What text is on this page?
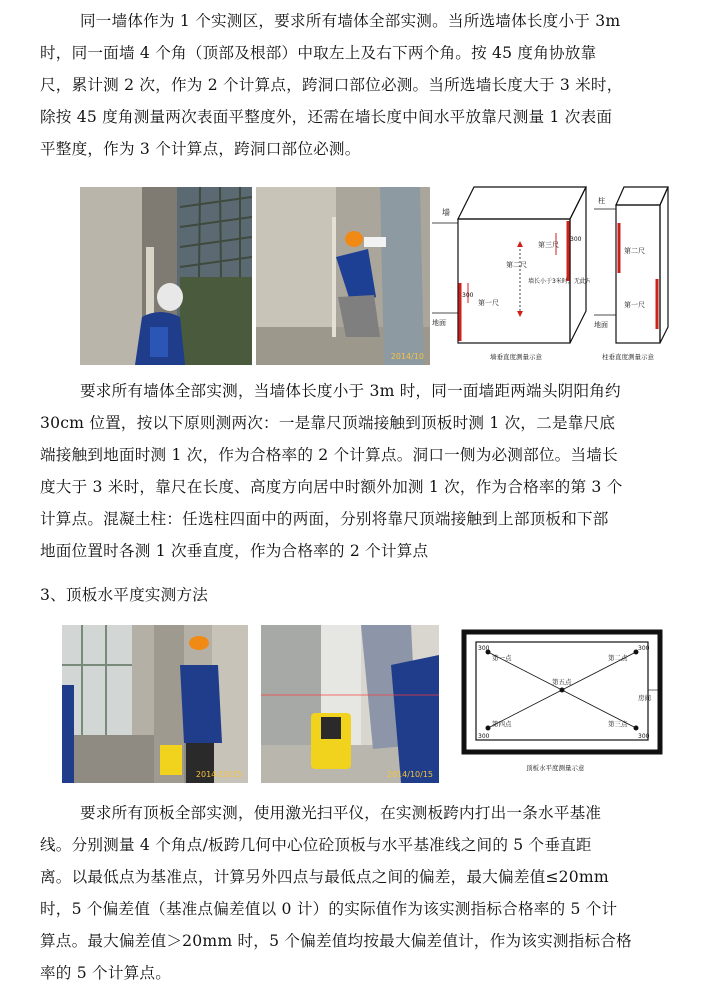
同一墙体作为 1 个实测区，要求所有墙体全部实测。当所选墙体长度小于 3m
时，同一面墙 4 个角（顶部及根部）中取左上及右下两个角。按 45 度角协放靠
尺，累计测 2 次，作为 2 个计算点，跨洞口部位必测。当所选墙长度大于 3 米时，
除按 45 度角测量两次表面平整度外，还需在墙长度中间水平放靠尺测量 1 次表面
平整度，作为 3 个计算点，跨洞口部位必测。
2014/10
墙长小于3米时，无此尺
墙
地面
第一尺
第二尺
第三尺
300
300
墙垂直度测量示意
柱
地面
第二尺
第一尺
柱垂直度测量示意
要求所有墙体全部实测，当墙体长度小于 3m 时，同一面墙距两端头阴阳角约
30cm 位置，按以下原则测两次：一是靠尺顶端接触到顶板时测 1 次，二是靠尺底
端接触到地面时测 1 次，作为合格率的 2 个计算点。洞口一侧为必测部位。当墙长
度大于 3 米时，靠尺在长度、高度方向居中时额外加测 1 次，作为合格率的第 3 个
计算点。混凝土柱：任选柱四面中的两面，分别将靠尺顶端接触到上部顶板和下部
地面位置时各测 1 次垂直度，作为合格率的 2 个计算点
3、顶板水平度实测方法
2014/10/15	2014/10/15
第一点	第二点
第三点
第四点
第五点
300	300
300	300
房间
顶板水平度测量示意
要求所有顶板全部实测，使用激光扫平仪，在实测板跨内打出一条水平基准
线。分别测量 4 个角点/板跨几何中心位砼顶板与水平基准线之间的 5 个垂直距
离。以最低点为基准点，计算另外四点与最低点之间的偏差，最大偏差值≤20mm
时，5 个偏差值（基准点偏差值以 0 计）的实际值作为该实测指标合格率的 5 个计
算点。最大偏差值＞20mm 时，5 个偏差值均按最大偏差值计，作为该实测指标合格
率的 5 个计算点。
